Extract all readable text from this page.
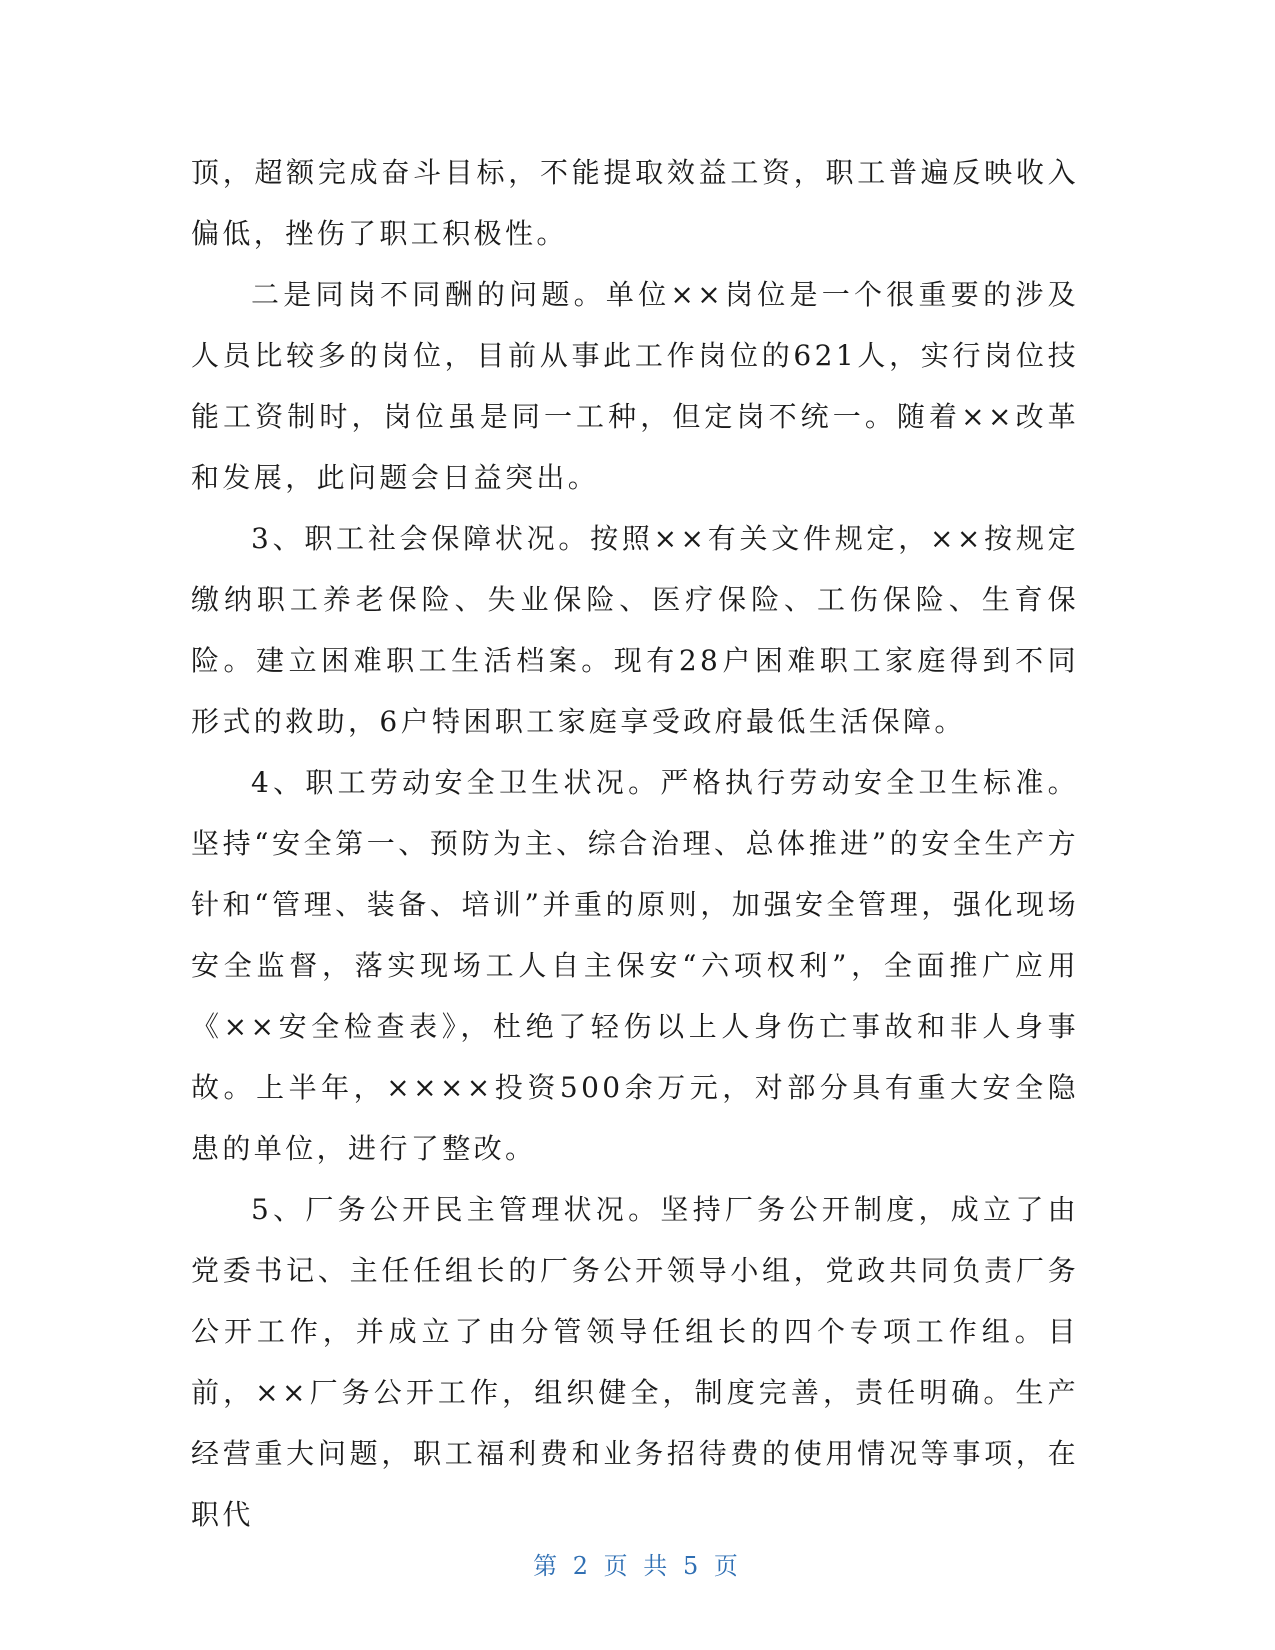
顶，超额完成奋斗目标，不能提取效益工资，职工普遍反映收入偏低，挫伤了职工积极性。

二是同岗不同酬的问题。单位××岗位是一个很重要的涉及人员比较多的岗位，目前从事此工作岗位的621人，实行岗位技能工资制时，岗位虽是同一工种，但定岗不统一。随着××改革和发展，此问题会日益突出。

3、职工社会保障状况。按照××有关文件规定，××按规定缴纳职工养老保险、失业保险、医疗保险、工伤保险、生育保险。建立困难职工生活档案。现有28户困难职工家庭得到不同形式的救助，6户特困职工家庭享受政府最低生活保障。

4、职工劳动安全卫生状况。严格执行劳动安全卫生标准。坚持“安全第一、预防为主、综合治理、总体推进”的安全生产方针和“管理、装备、培训”并重的原则，加强安全管理，强化现场安全监督，落实现场工人自主保安“六项权利”，全面推广应用《××安全检查表》，杜绝了轻伤以上人身伤亡事故和非人身事故。上半年，××××投资500余万元，对部分具有重大安全隐患的单位，进行了整改。

5、厂务公开民主管理状况。坚持厂务公开制度，成立了由党委书记、主任任组长的厂务公开领导小组，党政共同负责厂务公开工作，并成立了由分管领导任组长的四个专项工作组。目前，××厂务公开工作，组织健全，制度完善，责任明确。生产经营重大问题，职工福利费和业务招待费的使用情况等事项，在职代

第 2 页 共 5 页
